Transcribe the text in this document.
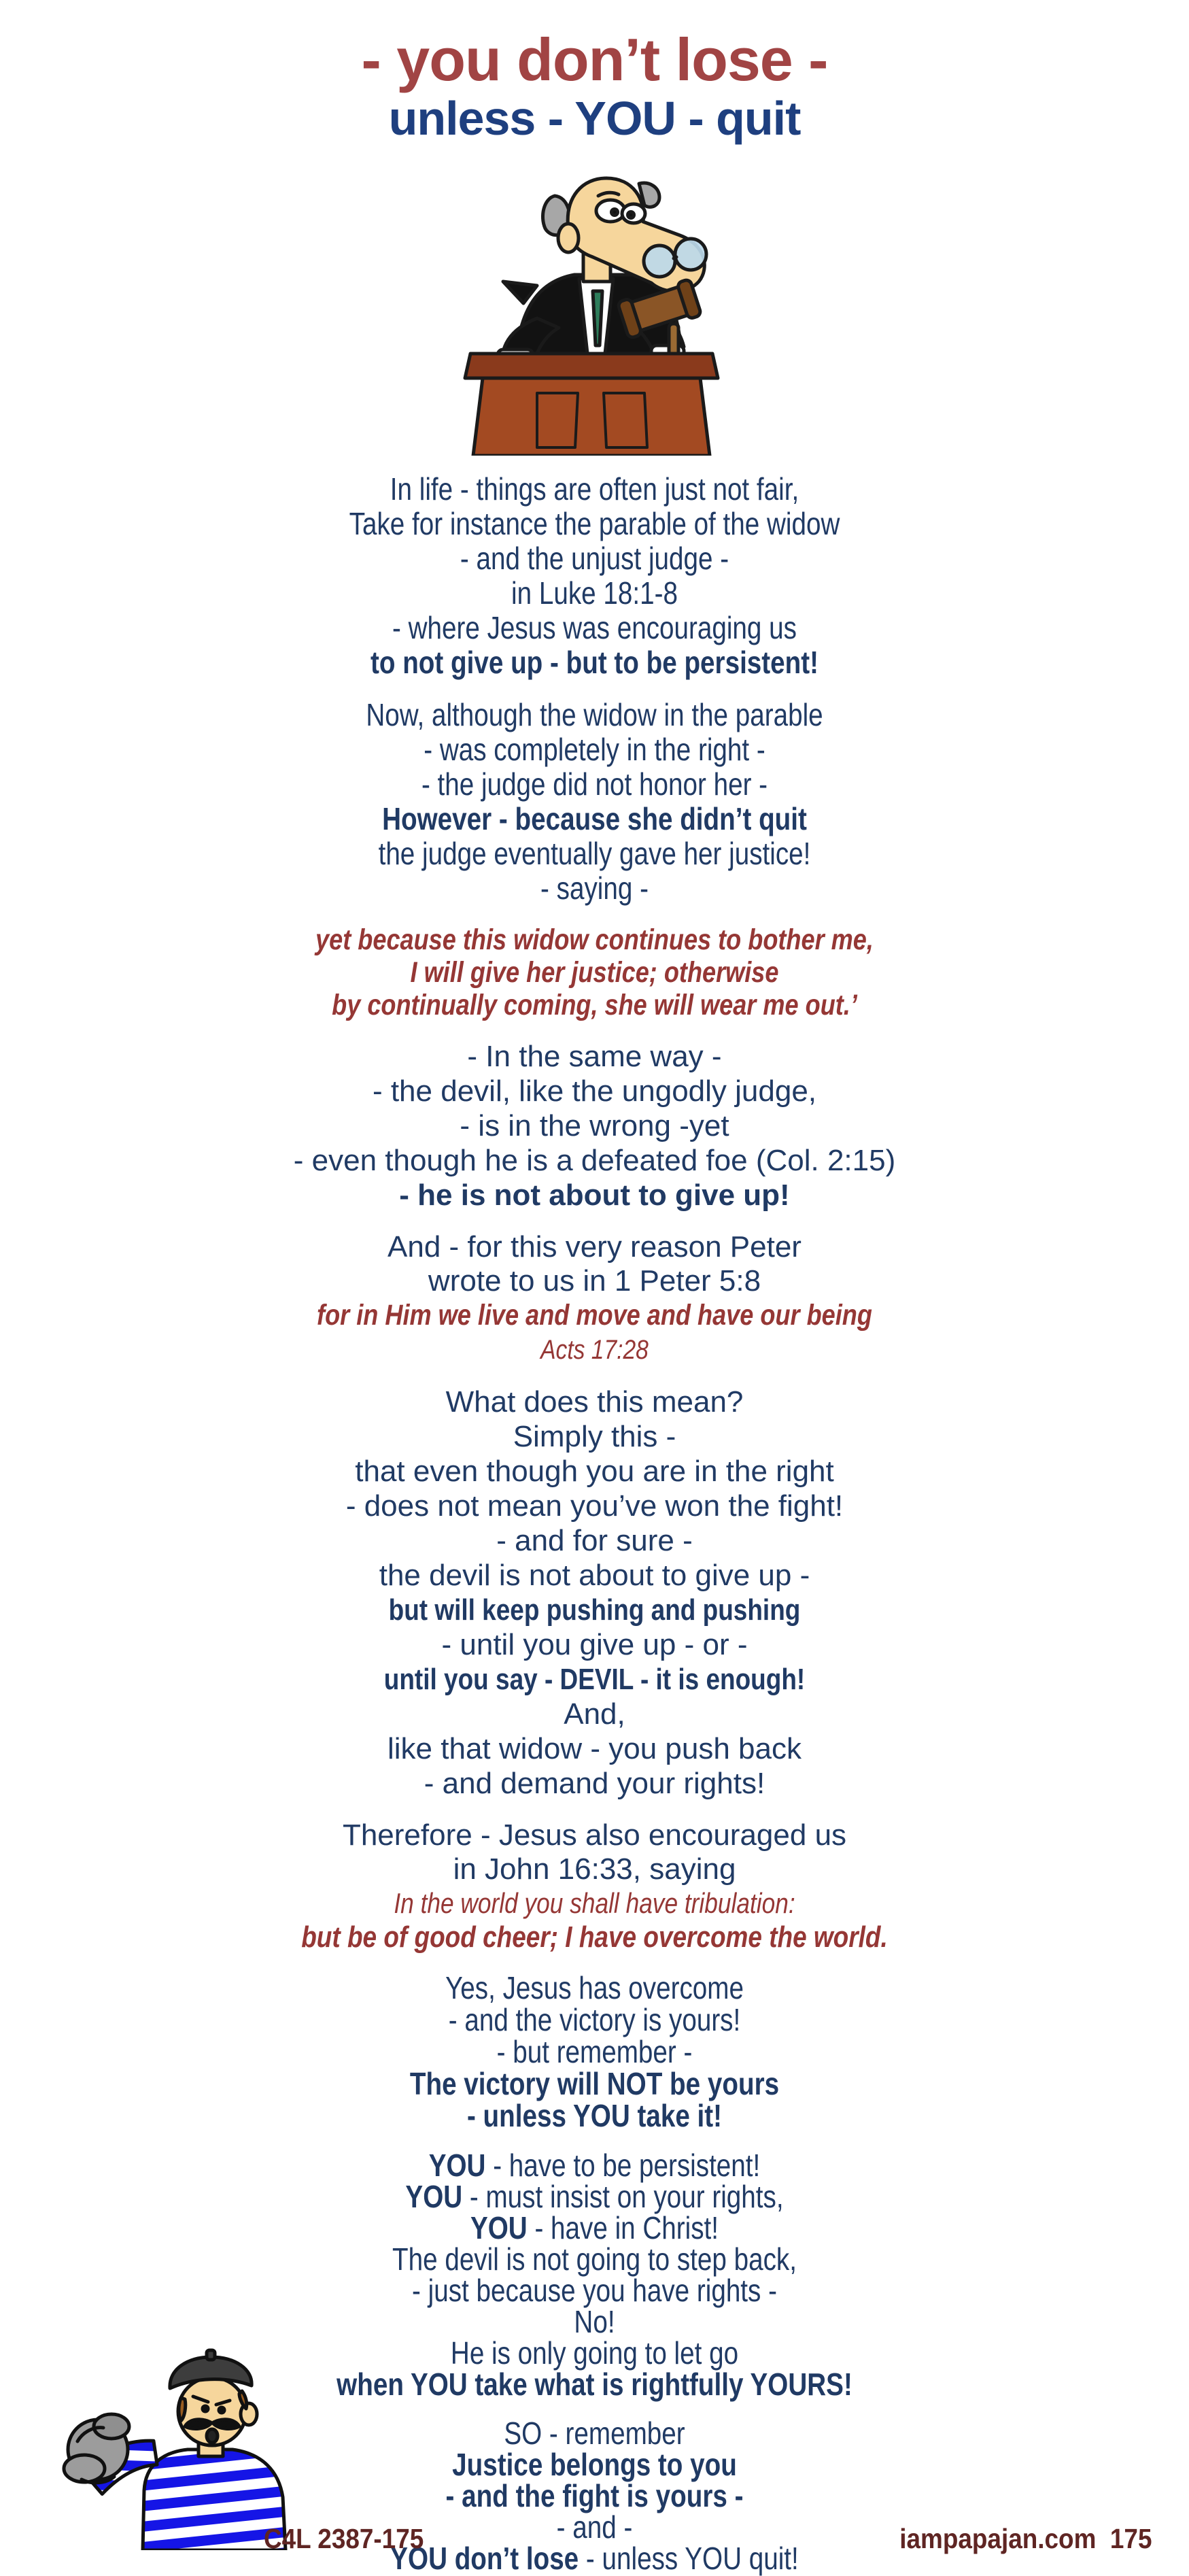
- you don’t lose -
unless - YOU - quit
In life - things are often just not fair,
Take for instance the parable of the widow
- and the unjust judge -
in Luke 18:1-8
- where Jesus was encouraging us
to not give up - but to be persistent!
Now, although the widow in the parable
- was completely in the right -
- the judge did not honor her -
However - because she didn’t quit
the judge eventually gave her justice!
- saying -
yet because this widow continues to bother me,
I will give her justice; otherwise
by continually coming, she will wear me out.’
- In the same way -
- the devil, like the ungodly judge,
- is in the wrong -yet
- even though he is a defeated foe (Col. 2:15)
- he is not about to give up!
And - for this very reason Peter
wrote to us in 1 Peter 5:8
for in Him we live and move and have our being
Acts 17:28
What does this mean?
Simply this -
that even though you are in the right
- does not mean you’ve won the fight!
- and for sure -
the devil is not about to give up -
but will keep pushing and pushing
- until you give up - or -
until you say - DEVIL - it is enough!
And,
like that widow - you push back
- and demand your rights!
Therefore - Jesus also encouraged us
in John 16:33, saying
In the world you shall have tribulation:
but be of good cheer; I have overcome the world.
Yes, Jesus has overcome
- and the victory is yours!
- but remember -
The victory will NOT be yours
- unless YOU take it!
YOU - have to be persistent!
YOU - must insist on your rights,
YOU - have in Christ!
The devil is not going to step back,
- just because you have rights -
No!
He is only going to let go
when YOU take what is rightfully YOURS!
SO - remember
Justice belongs to you
- and the fight is yours -
- and -
YOU don’t lose - unless YOU quit!
C4L 2387-175	iampapajan.com  175
